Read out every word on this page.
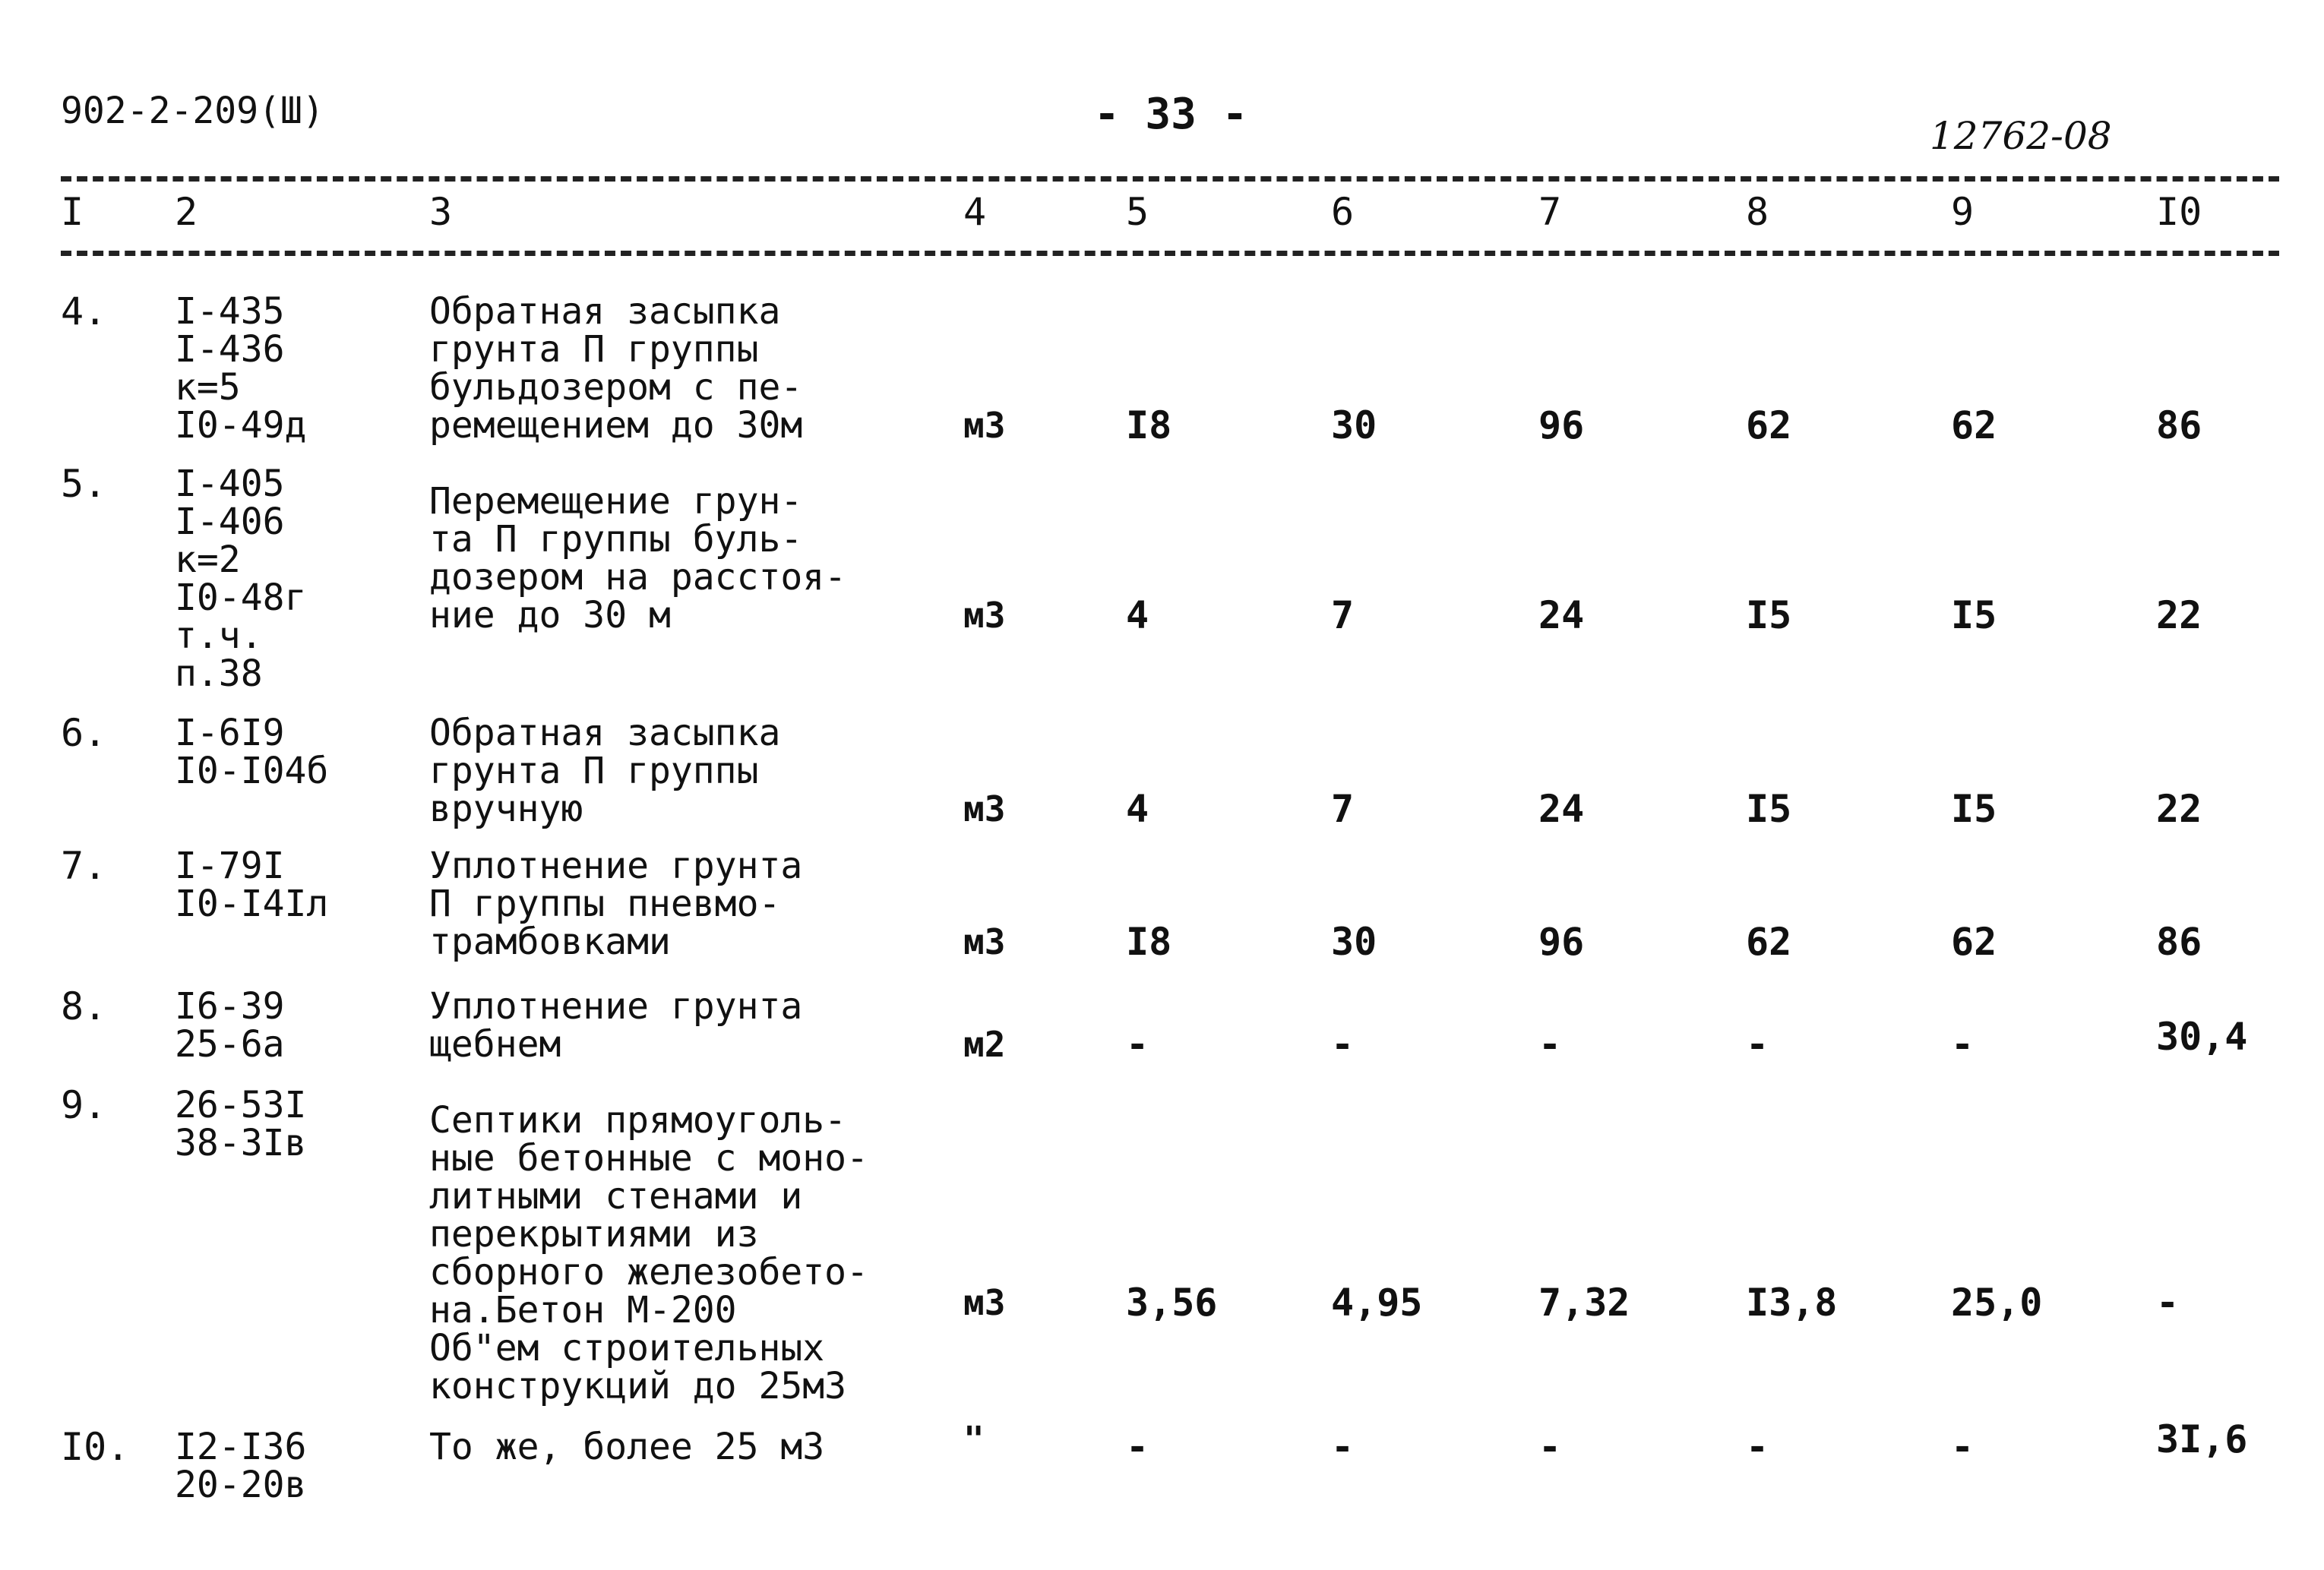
902-2-209(Ш)	- 33 -	12762-08
I 2	3	4	5	6	7	8	9	I0
4. I-435
I-436
к=5
I0-49д
Обратная засыпка
грунта П группы
бульдозером с пе-
ремещением до 30м	м3	I8	30	96	62	62	86
5. I-405
I-406
к=2
I0-48г
т.ч.
п.38
Перемещение грун-
та П группы буль-
дозером на расстоя-
ние до 30 м	м3	4	7	24	I5	I5	22
6. I-6I9
I0-I04б
Обратная засыпка
грунта П группы
вручную	м3	4	7	24	I5	I5	22
7. I-79I
I0-I4Iл
Уплотнение грунта
П группы пневмо-
трамбовками	м3	I8	30	96	62	62	86
8. I6-39
25-6а
Уплотнение грунта
щебнем	м2	-	-	-	-	-	30,4
9. 26-53I
38-3Iв
Септики прямоуголь-
ные бетонные с моно-
литными стенами и
перекрытиями из
сборного железобето-
на.Бетон М-200
Об"ем строительных
конструкций до 25м3
м3	3,56	4,95	7,32	I3,8	25,0	-
I0. I2-I36
20-20в
То же, более 25 м3	"	-	-	-	-	-	3I,6
